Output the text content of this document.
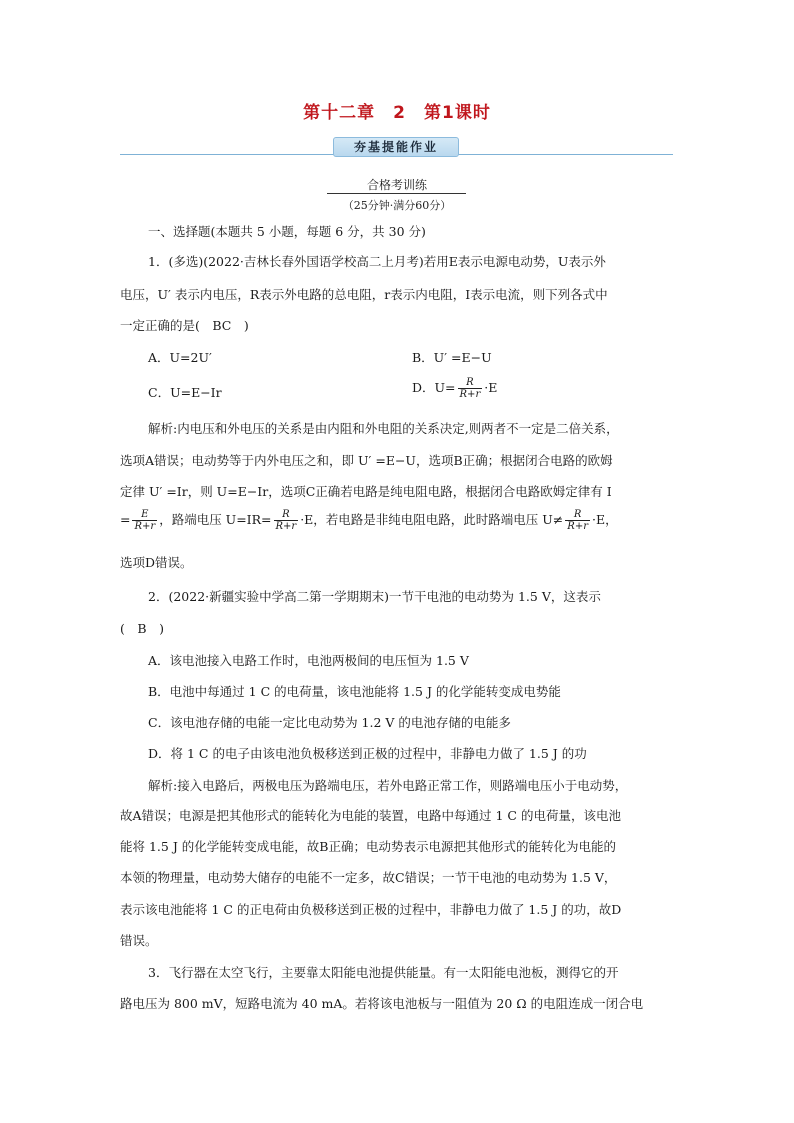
第十二章　2　第1课时
夯基提能作业
合格考训练
（25分钟·满分60分）
一、选择题(本题共 5 小题，每题 6 分，共 30 分)
1．(多选)(2022·吉林长春外国语学校高二上月考)若用E表示电源电动势，U表示外
电压，U′ 表示内电压，R表示外电路的总电阻，r表示内电阻，I表示电流，则下列各式中
一定正确的是(　BC　)
A．U=2U′	B．U′ =E−U
C．U=E−Ir	D．$U= \frac{R}{R+r} \cdot E$
解析:内电压和外电压的关系是由内阻和外电阻的关系决定,则两者不一定是二倍关系，
选项A错误；电动势等于内外电压之和，即 U′ =E−U，选项B正确；根据闭合电路的欧姆
定律 U′ =Ir，则 U=E−Ir，选项C正确若电路是纯电阻电路，根据闭合电路欧姆定律有 I
= $\frac{E}{R+r}$ ，路端电压 $U=IR= \frac{R}{R+r} \cdot E$，若电路是非纯电阻电路，此时路端电压 $U\ne \frac{R}{R+r} \cdot E$，
选项D错误。
2．(2022·新疆实验中学高二第一学期期末)一节干电池的电动势为 1.5 V，这表示
(　B　)
A．该电池接入电路工作时，电池两极间的电压恒为 1.5 V
B．电池中每通过 1 C 的电荷量，该电池能将 1.5 J 的化学能转变成电势能
C．该电池存储的电能一定比电动势为 1.2 V 的电池存储的电能多
D．将 1 C 的电子由该电池负极移送到正极的过程中，非静电力做了 1.5 J 的功
解析:接入电路后，两极电压为路端电压，若外电路正常工作，则路端电压小于电动势，
故A错误；电源是把其他形式的能转化为电能的装置，电路中每通过 1 C 的电荷量，该电池
能将 1.5 J 的化学能转变成电能，故B正确；电动势表示电源把其他形式的能转化为电能的
本领的物理量，电动势大储存的电能不一定多，故C错误；一节干电池的电动势为 1.5 V，
表示该电池能将 1 C 的正电荷由负极移送到正极的过程中，非静电力做了 1.5 J 的功，故D
错误。
3．飞行器在太空飞行，主要靠太阳能电池提供能量。有一太阳能电池板，测得它的开
路电压为 800 mV，短路电流为 40 mA。若将该电池板与一阻值为 20 Ω 的电阻连成一闭合电
